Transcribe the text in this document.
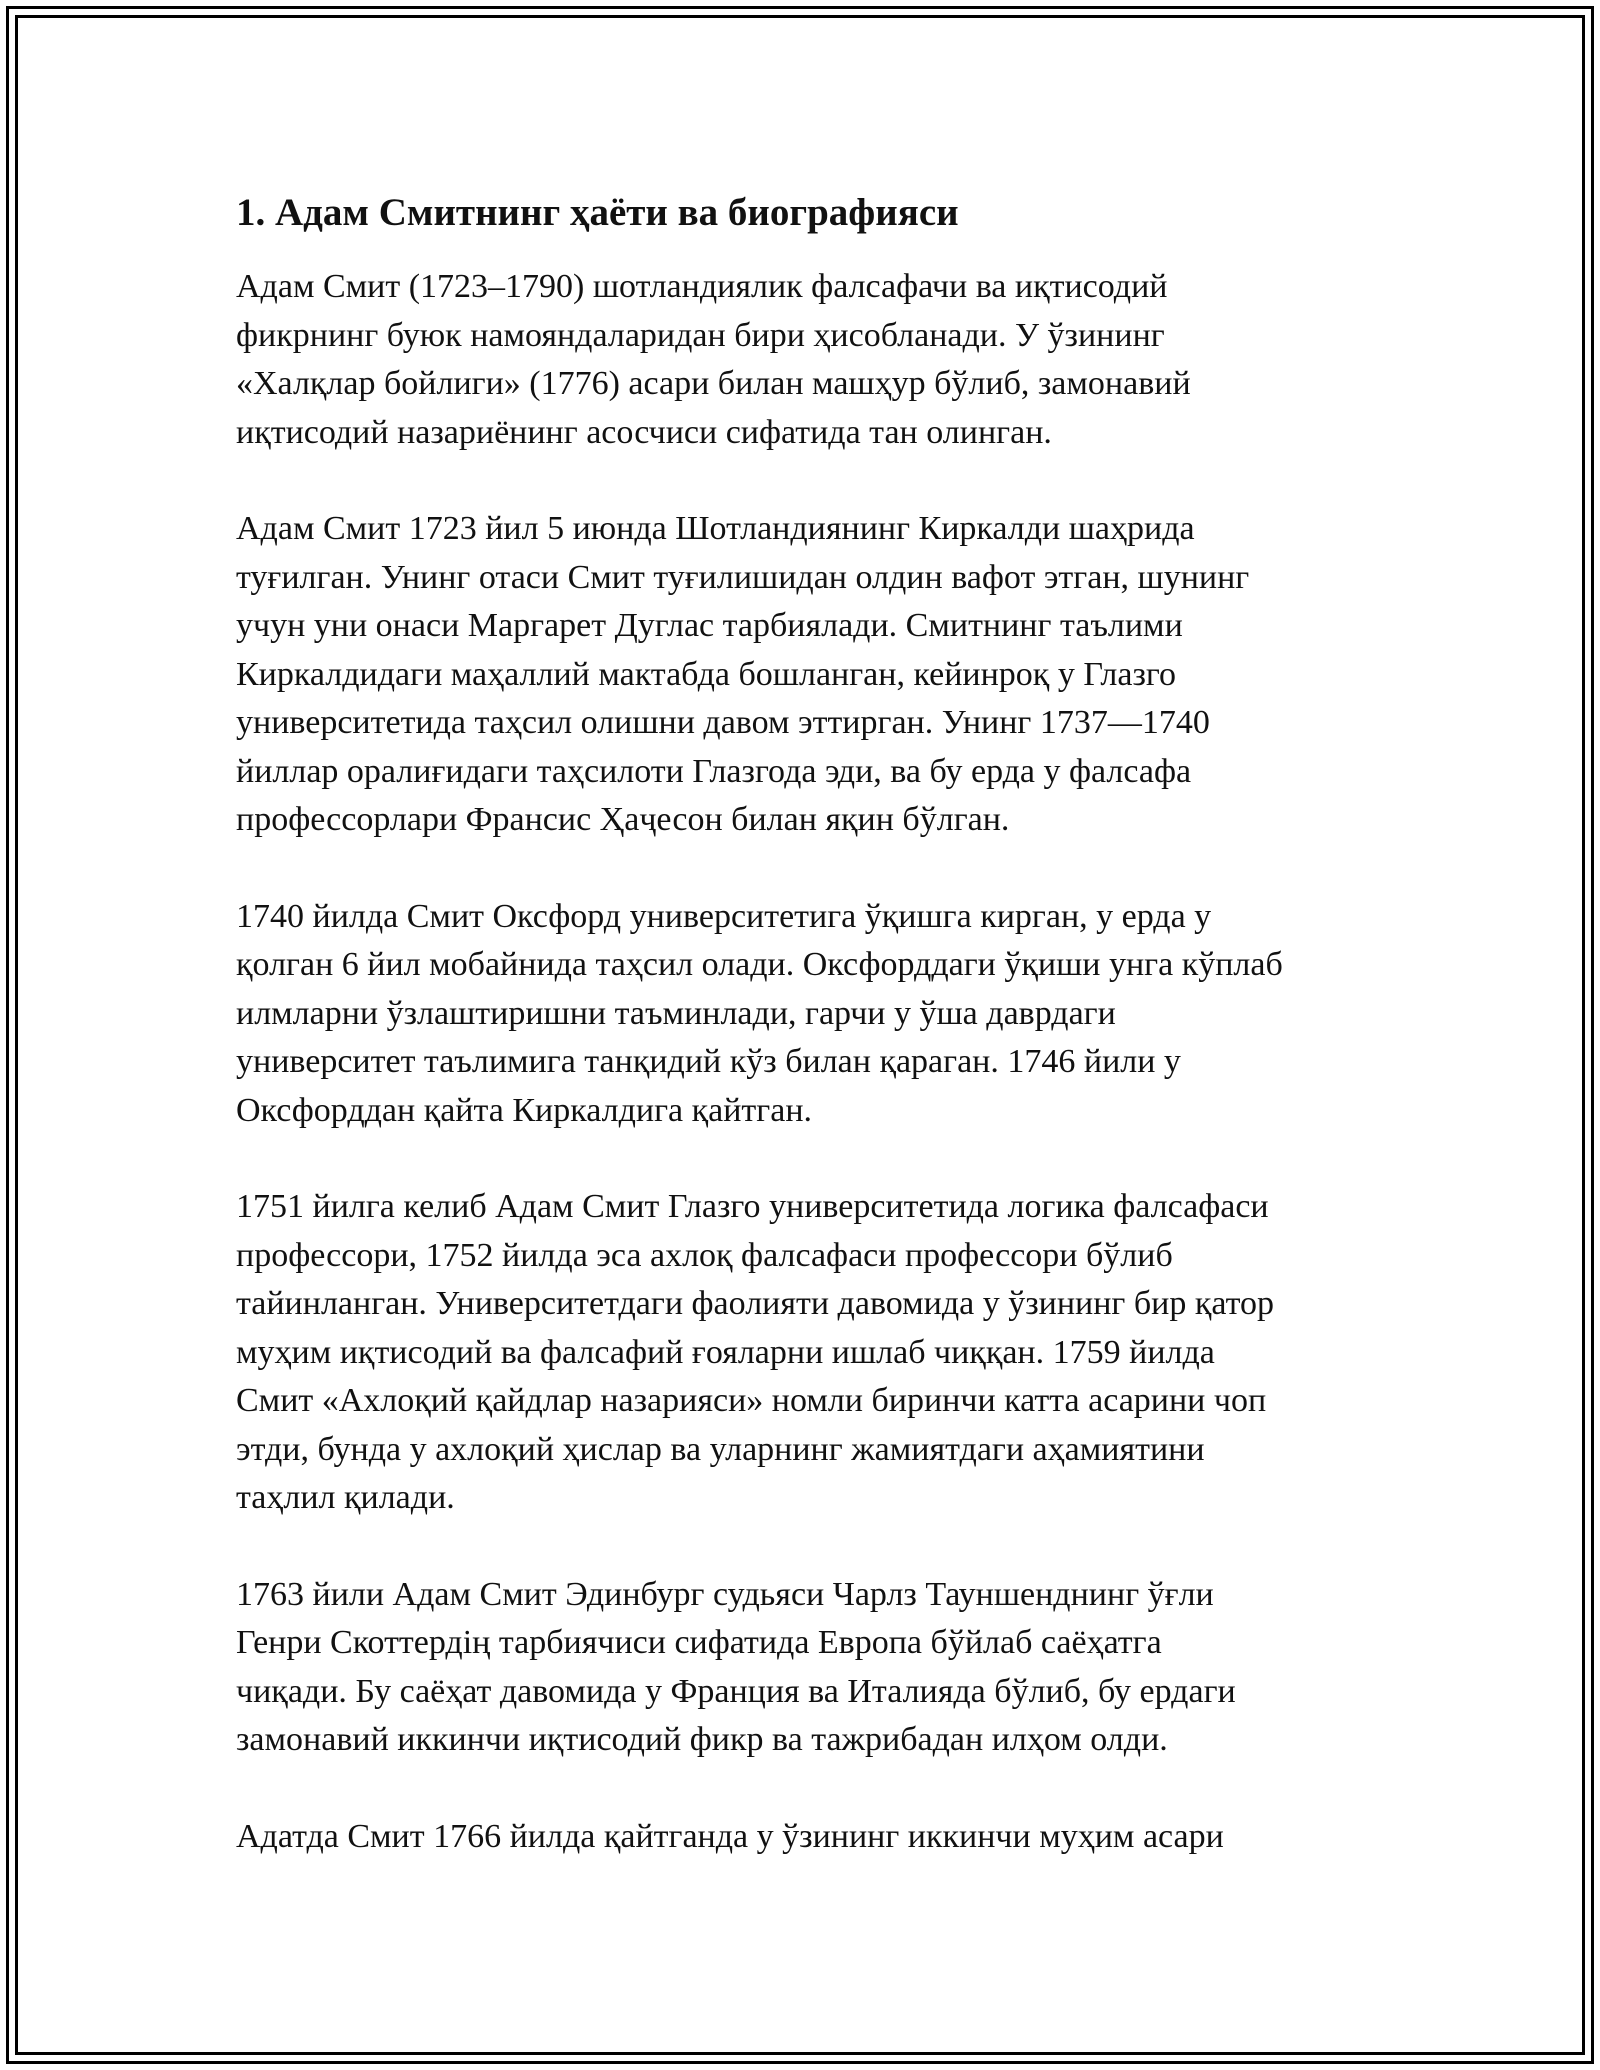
1. Адам Смитнинг ҳаёти ва биографияси

Адам Смит (1723–1790) шотландиялик фалсафачи ва иқтисодий
фикрнинг буюк намояндаларидан бири ҳисобланади. У ўзининг
«Халқлар бойлиги» (1776) асари билан машҳур бўлиб, замонавий
иқтисодий назариёнинг асосчиси сифатида тан олинган.

Адам Смит 1723 йил 5 июнда Шотландиянинг Киркалди шаҳрида
туғилган. Унинг отаси Смит туғилишидан олдин вафот этган, шунинг
учун уни онаси Маргарет Дуглас тарбиялади. Смитнинг таълими
Киркалдидаги маҳаллий мактабда бошланган, кейинроқ у Глазго
университетида таҳсил олишни давом эттирган. Унинг 1737—1740
йиллар оралиғидаги таҳсилоти Глазгода эди, ва бу ерда у фалсафа
профессорлари Франсис Ҳаҷесон билан яқин бўлган.

1740 йилда Смит Оксфорд университетига ўқишга кирган, у ерда у
қолган 6 йил мобайнида таҳсил олади. Оксфорддаги ўқиши унга кўплаб
илмларни ўзлаштиришни таъминлади, гарчи у ўша даврдаги
университет таълимига танқидий кўз билан қараган. 1746 йили у
Оксфорддан қайта Киркалдига қайтган.

1751 йилга келиб Адам Смит Глазго университетида логика фалсафаси
профессори, 1752 йилда эса ахлоқ фалсафаси профессори бўлиб
тайинланган. Университетдаги фаолияти давомида у ўзининг бир қатор
муҳим иқтисодий ва фалсафий ғояларни ишлаб чиққан. 1759 йилда
Смит «Ахлоқий қайдлар назарияси» номли биринчи катта асарини чоп
этди, бунда у ахлоқий ҳислар ва уларнинг жамиятдаги аҳамиятини
таҳлил қилади.

1763 йили Адам Смит Эдинбург судьяси Чарлз Тауншенднинг ўғли
Генри Скоттердің тарбиячиси сифатида Европа бўйлаб саёҳатга
чиқади. Бу саёҳат давомида у Франция ва Италияда бўлиб, бу ердаги
замонавий иккинчи иқтисодий фикр ва тажрибадан илҳом олди.

Адатда Смит 1766 йилда қайтганда у ўзининг иккинчи муҳим асари
